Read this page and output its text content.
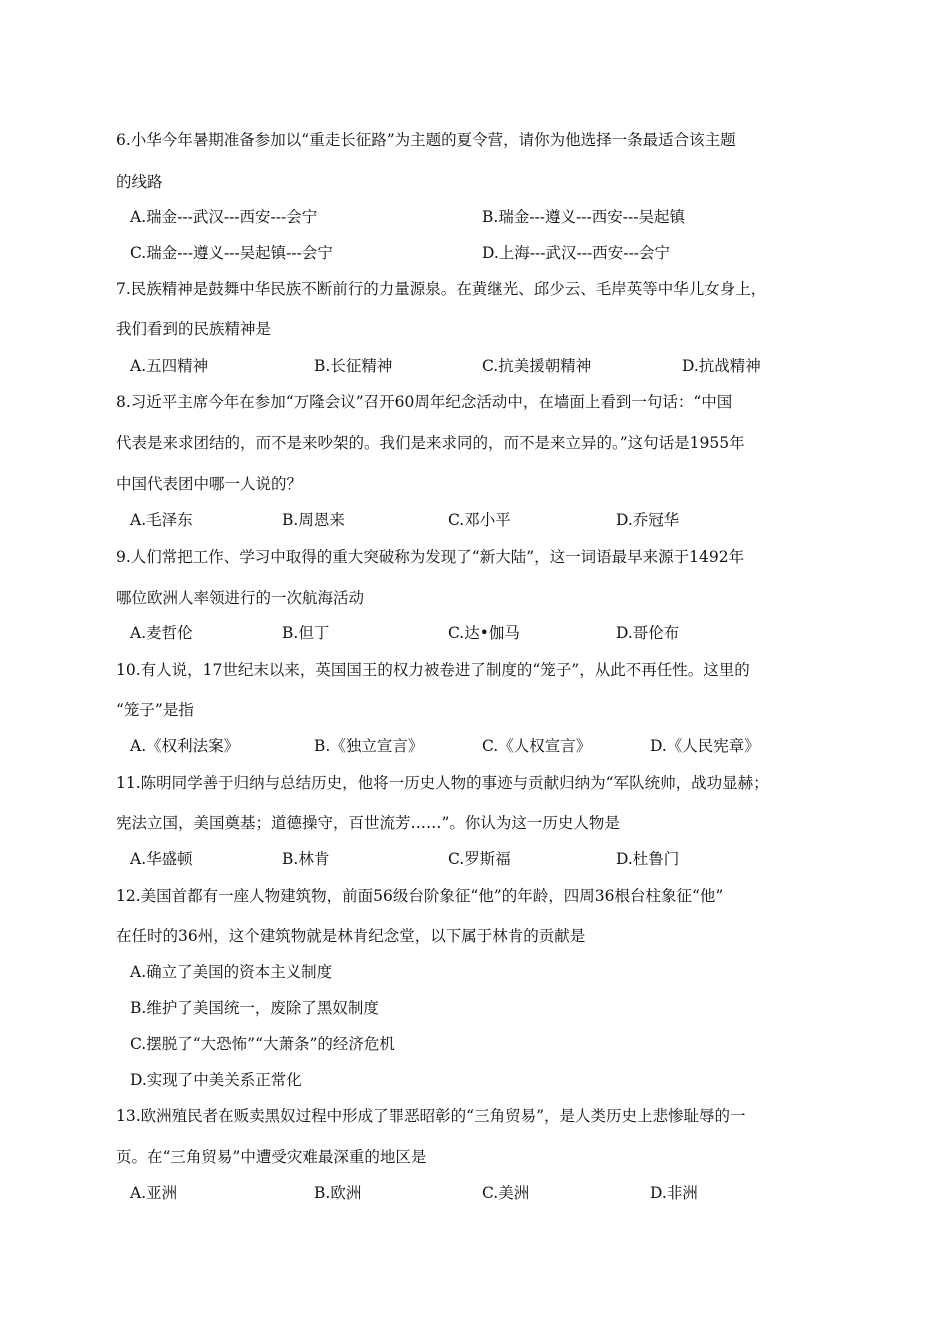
6.小华今年暑期准备参加以“重走长征路”为主题的夏令营，请你为他选择一条最适合该主题
的线路
A.瑞金---武汉---西安---会宁	B.瑞金---遵义---西安---吴起镇
C.瑞金---遵义---吴起镇---会宁	D.上海---武汉---西安---会宁
7.民族精神是鼓舞中华民族不断前行的力量源泉。在黄继光、邱少云、毛岸英等中华儿女身上，
我们看到的民族精神是
A.五四精神	B.长征精神	C.抗美援朝精神	D.抗战精神
8.习近平主席今年在参加“万隆会议”召开60周年纪念活动中，在墙面上看到一句话：“中国
代表是来求团结的，而不是来吵架的。我们是来求同的，而不是来立异的。”这句话是1955年
中国代表团中哪一人说的？
A.毛泽东	B.周恩来	C.邓小平	D.乔冠华
9.人们常把工作、学习中取得的重大突破称为发现了“新大陆”，这一词语最早来源于1492年
哪位欧洲人率领进行的一次航海活动
A.麦哲伦	B.但丁	C.达•伽马	D.哥伦布
10.有人说，17世纪末以来，英国国王的权力被卷进了制度的“笼子”，从此不再任性。这里的
“笼子”是指
A.《权利法案》	B.《独立宣言》	C.《人权宣言》	D.《人民宪章》
11.陈明同学善于归纳与总结历史，他将一历史人物的事迹与贡献归纳为“军队统帅，战功显赫；
宪法立国，美国奠基；道德操守，百世流芳……”。你认为这一历史人物是
A.华盛顿	B.林肯	C.罗斯福	D.杜鲁门
12.美国首都有一座人物建筑物，前面56级台阶象征“他”的年龄，四周36根台柱象征“他”
在任时的36州，这个建筑物就是林肯纪念堂，以下属于林肯的贡献是
A.确立了美国的资本主义制度
B.维护了美国统一，废除了黑奴制度
C.摆脱了“大恐怖”“大萧条”的经济危机
D.实现了中美关系正常化
13.欧洲殖民者在贩卖黑奴过程中形成了罪恶昭彰的“三角贸易”，是人类历史上悲惨耻辱的一
页。在“三角贸易”中遭受灾难最深重的地区是
A.亚洲	B.欧洲	C.美洲	D.非洲
